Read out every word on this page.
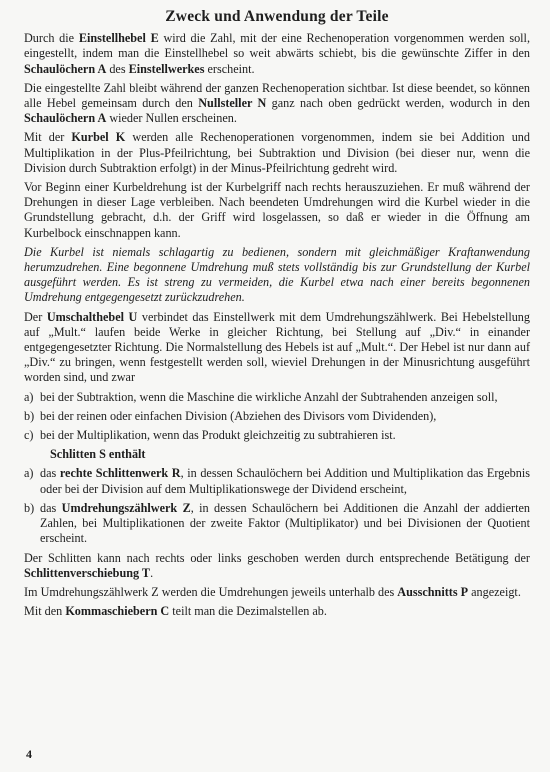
Zweck und Anwendung der Teile

Durch die Einstellhebel E wird die Zahl, mit der eine Rechenoperation vorgenommen werden soll, eingestellt, indem man die Einstellhebel so weit abwärts schiebt, bis die gewünschte Ziffer in den Schaulöchern A des Einstellwerkes erscheint.

Die eingestellte Zahl bleibt während der ganzen Rechenoperation sichtbar. Ist diese beendet, so können alle Hebel gemeinsam durch den Nullsteller N ganz nach oben gedrückt werden, wodurch in den Schaulöchern A wieder Nullen erscheinen.

Mit der Kurbel K werden alle Rechenoperationen vorgenommen, indem sie bei Addition und Multiplikation in der Plus-Pfeilrichtung, bei Subtraktion und Division (bei dieser nur, wenn die Division durch Subtraktion erfolgt) in der Minus-Pfeilrichtung gedreht wird.

Vor Beginn einer Kurbeldrehung ist der Kurbelgriff nach rechts herauszuziehen. Er muß während der Drehungen in dieser Lage verbleiben. Nach beendeten Umdrehungen wird die Kurbel wieder in die Grundstellung gebracht, d.h. der Griff wird losgelassen, so daß er wieder in die Öffnung am Kurbelbock einschnappen kann.

Die Kurbel ist niemals schlagartig zu bedienen, sondern mit gleichmäßiger Kraftanwendung herumzudrehen. Eine begonnene Umdrehung muß stets vollständig bis zur Grundstellung der Kurbel ausgeführt werden. Es ist streng zu vermeiden, die Kurbel etwa nach einer bereits begonnenen Umdrehung entgegengesetzt zurückzudrehen.

Der Umschalthebel U verbindet das Einstellwerk mit dem Umdrehungszählwerk. Bei Hebelstellung auf „Mult.“ laufen beide Werke in gleicher Richtung, bei Stellung auf „Div.“ in einander entgegengesetzter Richtung. Die Normalstellung des Hebels ist auf „Mult.“. Der Hebel ist nur dann auf „Div.“ zu bringen, wenn festgestellt werden soll, wieviel Drehungen in der Minusrichtung ausgeführt worden sind, und zwar

a) bei der Subtraktion, wenn die Maschine die wirkliche Anzahl der Subtrahenden anzeigen soll,
b) bei der reinen oder einfachen Division (Abziehen des Divisors vom Dividenden),
c) bei der Multiplikation, wenn das Produkt gleichzeitig zu subtrahieren ist.
Schlitten S enthält
a) das rechte Schlittenwerk R, in dessen Schaulöchern bei Addition und Multiplikation das Ergebnis oder bei der Division auf dem Multiplikationswege der Dividend erscheint,
b) das Umdrehungszählwerk Z, in dessen Schaulöchern bei Additionen die Anzahl der addierten Zahlen, bei Multiplikationen der zweite Faktor (Multiplikator) und bei Divisionen der Quotient erscheint.

Der Schlitten kann nach rechts oder links geschoben werden durch entsprechende Betätigung der Schlittenverschiebung T.

Im Umdrehungszählwerk Z werden die Umdrehungen jeweils unterhalb des Ausschnitts P angezeigt.

Mit den Kommaschiebern C teilt man die Dezimalstellen ab.

4
